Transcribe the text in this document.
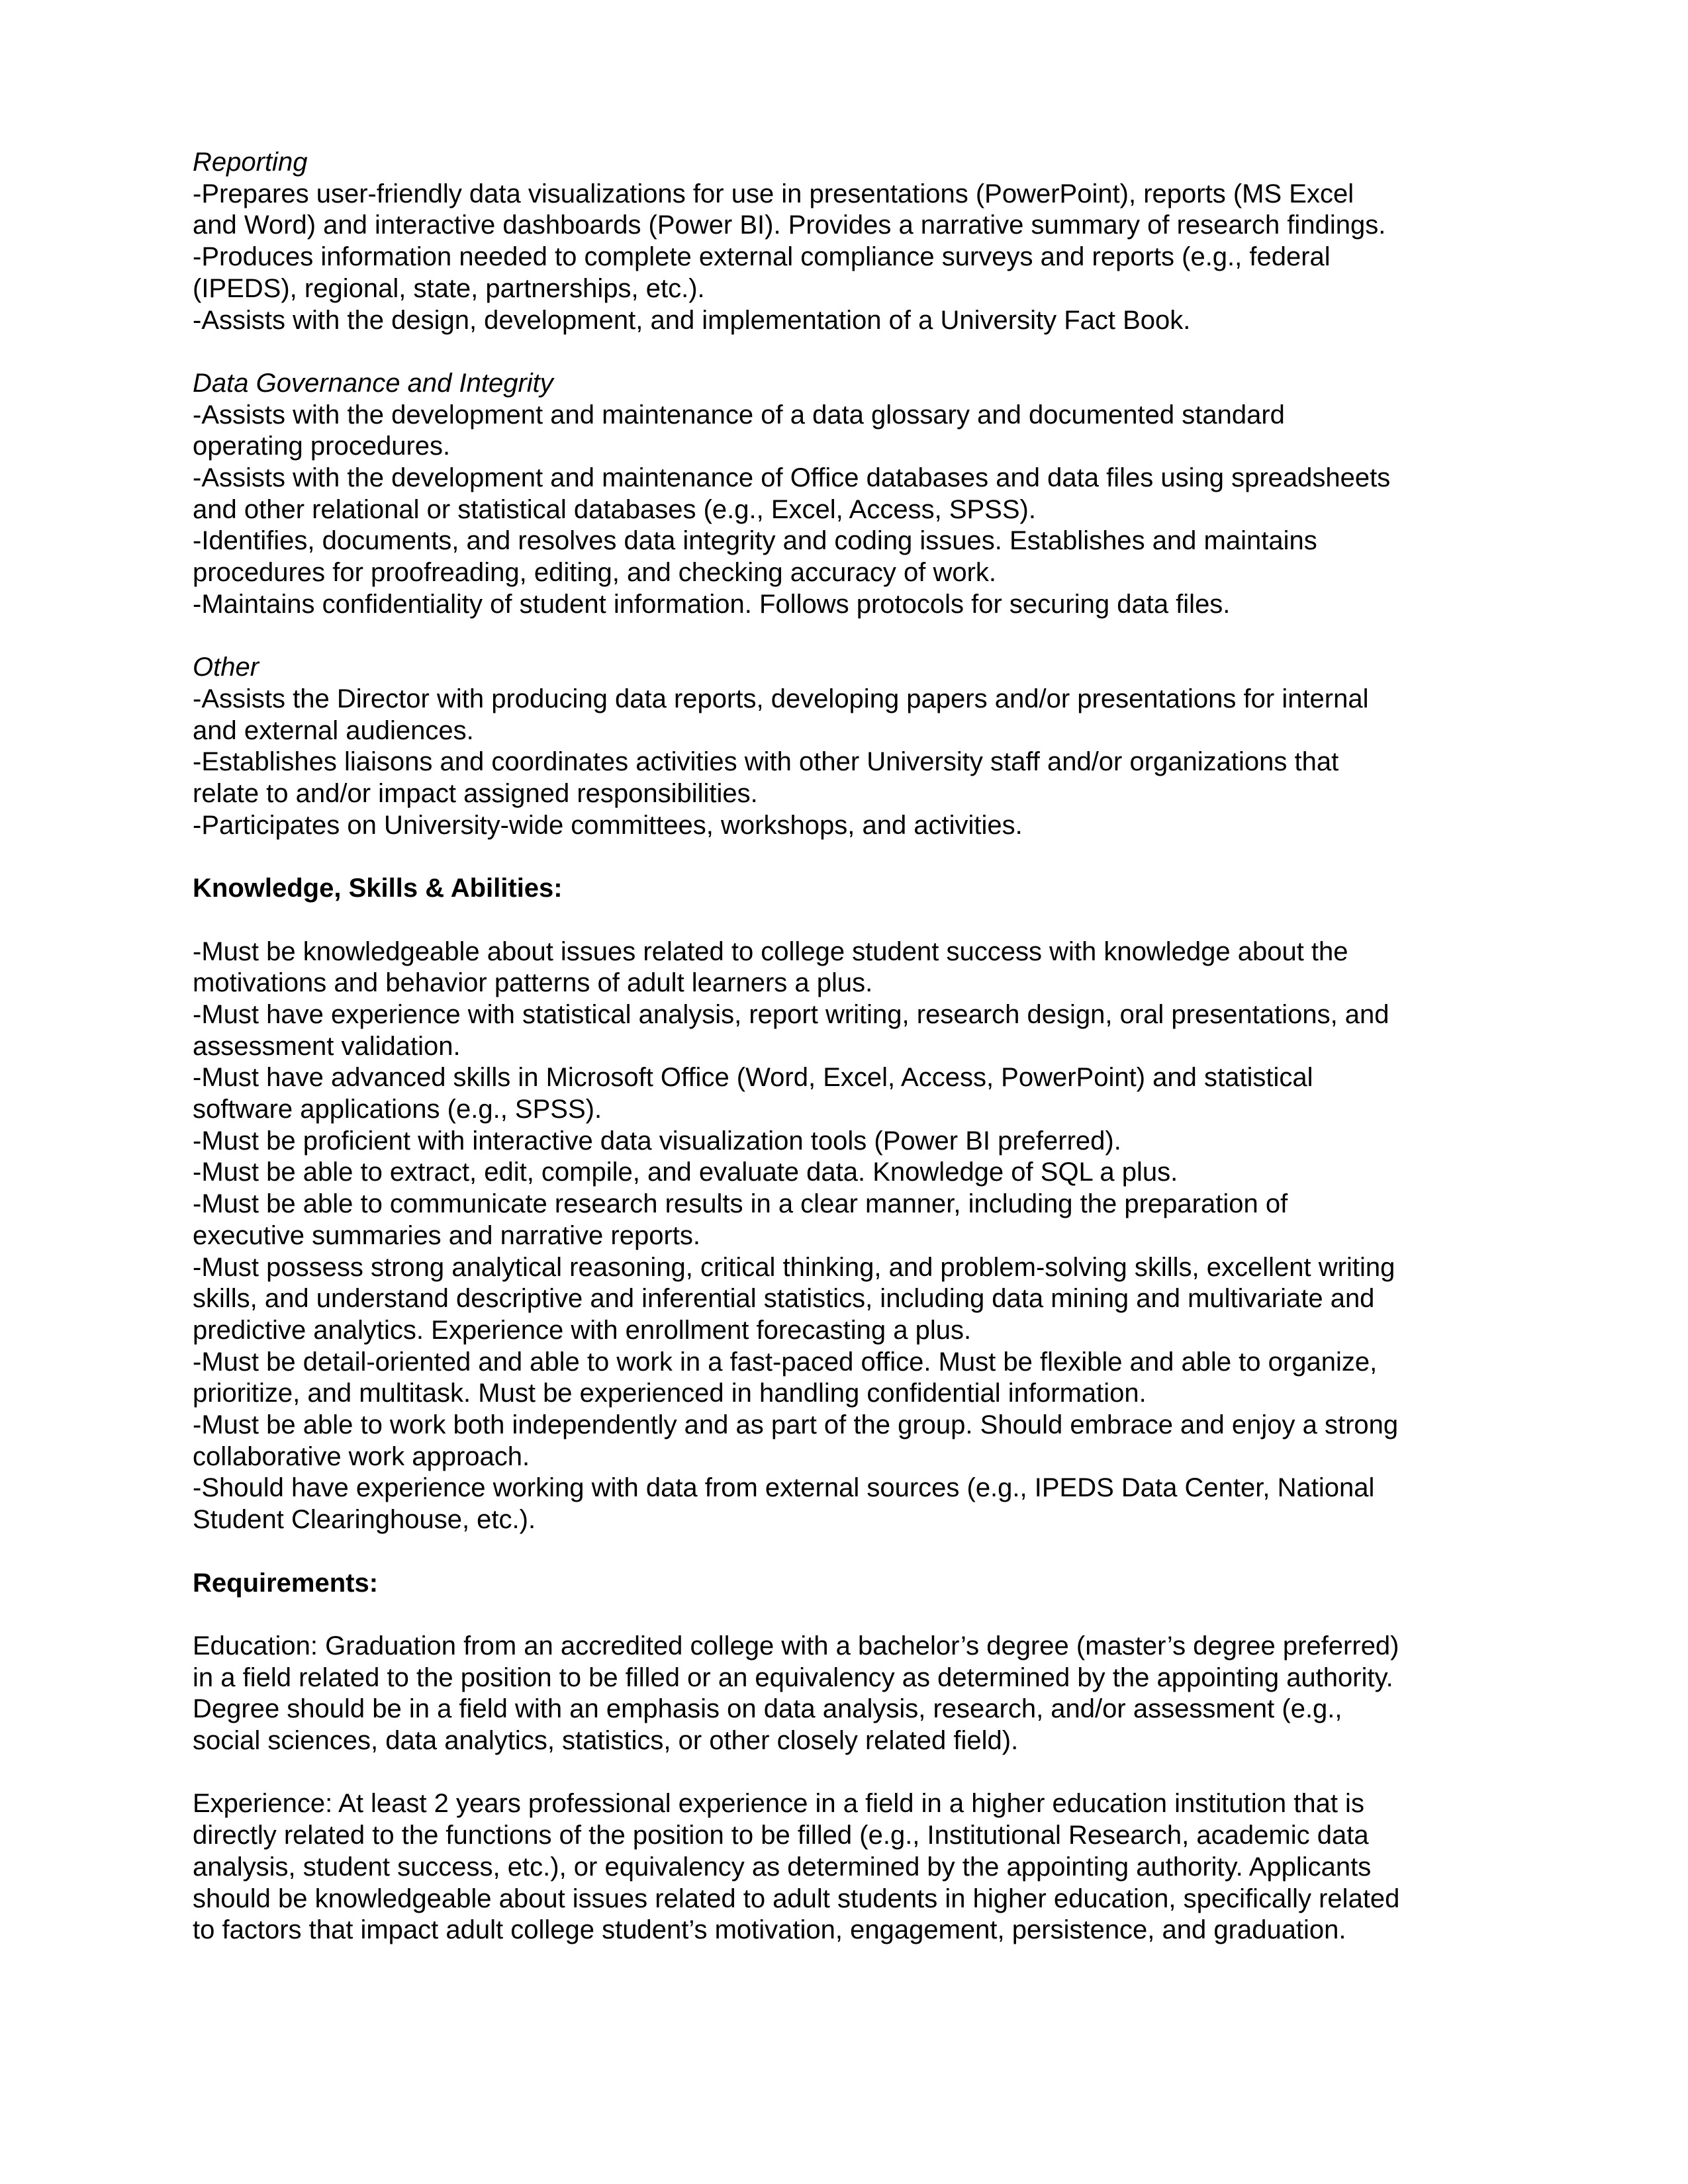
Reporting
-Prepares user-friendly data visualizations for use in presentations (PowerPoint), reports (MS Excel
and Word) and interactive dashboards (Power BI). Provides a narrative summary of research findings.
-Produces information needed to complete external compliance surveys and reports (e.g., federal
(IPEDS), regional, state, partnerships, etc.).
-Assists with the design, development, and implementation of a University Fact Book.
Data Governance and Integrity
-Assists with the development and maintenance of a data glossary and documented standard
operating procedures.
-Assists with the development and maintenance of Office databases and data files using spreadsheets
and other relational or statistical databases (e.g., Excel, Access, SPSS).
-Identifies, documents, and resolves data integrity and coding issues. Establishes and maintains
procedures for proofreading, editing, and checking accuracy of work.
-Maintains confidentiality of student information. Follows protocols for securing data files.
Other
-Assists the Director with producing data reports, developing papers and/or presentations for internal
and external audiences.
-Establishes liaisons and coordinates activities with other University staff and/or organizations that
relate to and/or impact assigned responsibilities.
-Participates on University-wide committees, workshops, and activities.
Knowledge, Skills & Abilities:
-Must be knowledgeable about issues related to college student success with knowledge about the
motivations and behavior patterns of adult learners a plus.
-Must have experience with statistical analysis, report writing, research design, oral presentations, and
assessment validation.
-Must have advanced skills in Microsoft Office (Word, Excel, Access, PowerPoint) and statistical
software applications (e.g., SPSS).
-Must be proficient with interactive data visualization tools (Power BI preferred).
-Must be able to extract, edit, compile, and evaluate data. Knowledge of SQL a plus.
-Must be able to communicate research results in a clear manner, including the preparation of
executive summaries and narrative reports.
-Must possess strong analytical reasoning, critical thinking, and problem-solving skills, excellent writing
skills, and understand descriptive and inferential statistics, including data mining and multivariate and
predictive analytics. Experience with enrollment forecasting a plus.
-Must be detail-oriented and able to work in a fast-paced office. Must be flexible and able to organize,
prioritize, and multitask. Must be experienced in handling confidential information.
-Must be able to work both independently and as part of the group. Should embrace and enjoy a strong
collaborative work approach.
-Should have experience working with data from external sources (e.g., IPEDS Data Center, National
Student Clearinghouse, etc.).
Requirements:
Education: Graduation from an accredited college with a bachelor’s degree (master’s degree preferred)
in a field related to the position to be filled or an equivalency as determined by the appointing authority.
Degree should be in a field with an emphasis on data analysis, research, and/or assessment (e.g.,
social sciences, data analytics, statistics, or other closely related field).
Experience: At least 2 years professional experience in a field in a higher education institution that is
directly related to the functions of the position to be filled (e.g., Institutional Research, academic data
analysis, student success, etc.), or equivalency as determined by the appointing authority. Applicants
should be knowledgeable about issues related to adult students in higher education, specifically related
to factors that impact adult college student’s motivation, engagement, persistence, and graduation.
